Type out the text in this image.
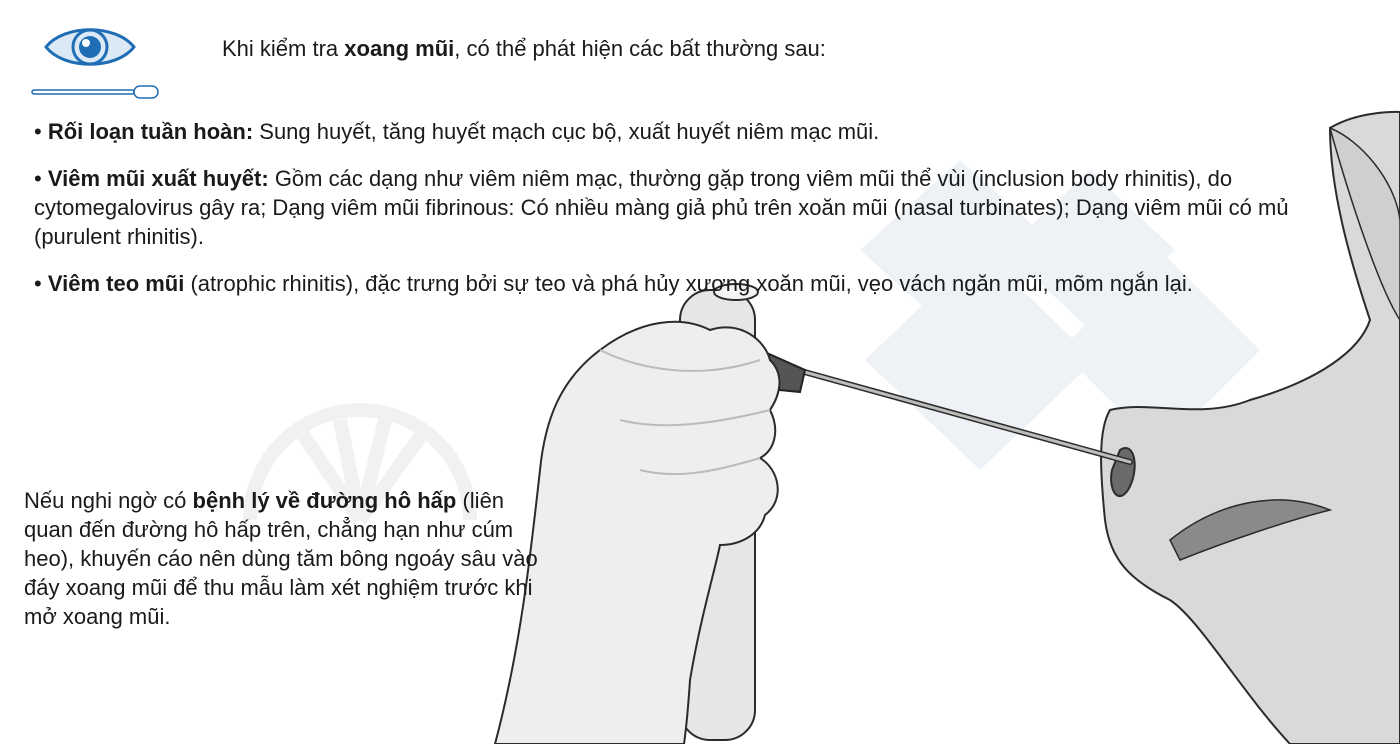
Khi kiểm tra xoang mũi, có thể phát hiện các bất thường sau:
• Rối loạn tuần hoàn: Sung huyết, tăng huyết mạch cục bộ, xuất huyết niêm mạc mũi.
• Viêm mũi xuất huyết: Gồm các dạng như viêm niêm mạc, thường gặp trong viêm mũi thể vùi (inclusion body rhinitis), do cytomegalovirus gây ra; Dạng viêm mũi fibrinous: Có nhiều màng giả phủ trên xoăn mũi (nasal turbinates); Dạng viêm mũi có mủ (purulent rhinitis).
• Viêm teo mũi (atrophic rhinitis), đặc trưng bởi sự teo và phá hủy xương xoăn mũi, vẹo vách ngăn mũi, mõm ngắn lại.
Nếu nghi ngờ có bệnh lý về đường hô hấp (liên quan đến đường hô hấp trên, chẳng hạn như cúm heo), khuyến cáo nên dùng tăm bông ngoáy sâu vào đáy xoang mũi để thu mẫu làm xét nghiệm trước khi mở xoang mũi.
